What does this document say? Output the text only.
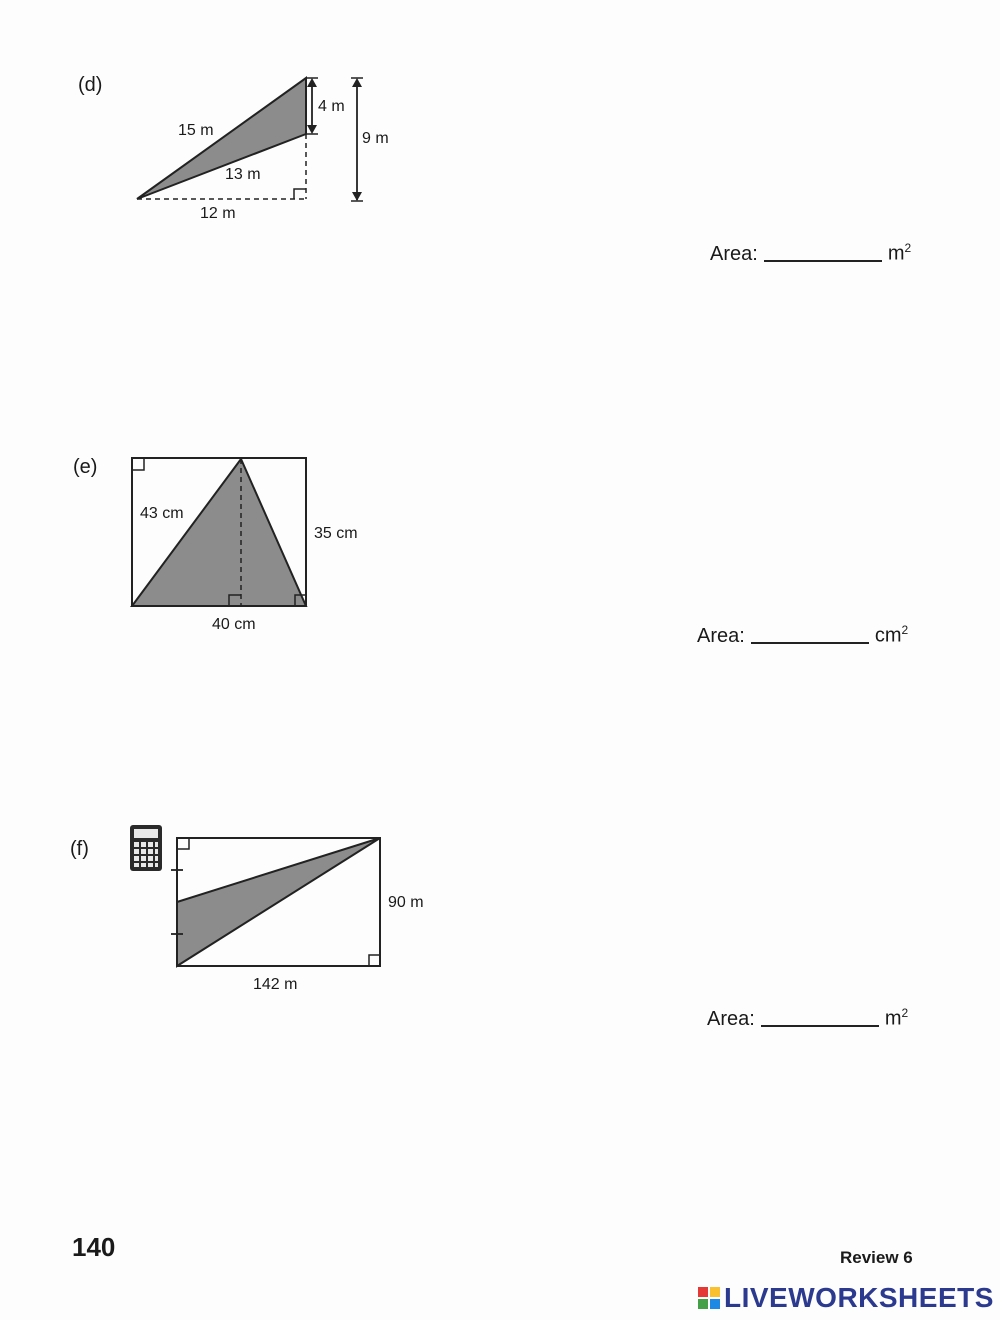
(d)
15 m
13 m
12 m
4 m
9 m
Area:	$m^2$
(e)
43 cm
35 cm
40 cm
Area:	$cm^2$
(f)
90 m
142 m
Area:	$m^2$
140	Review 6
LIVEWORKSHEETS
